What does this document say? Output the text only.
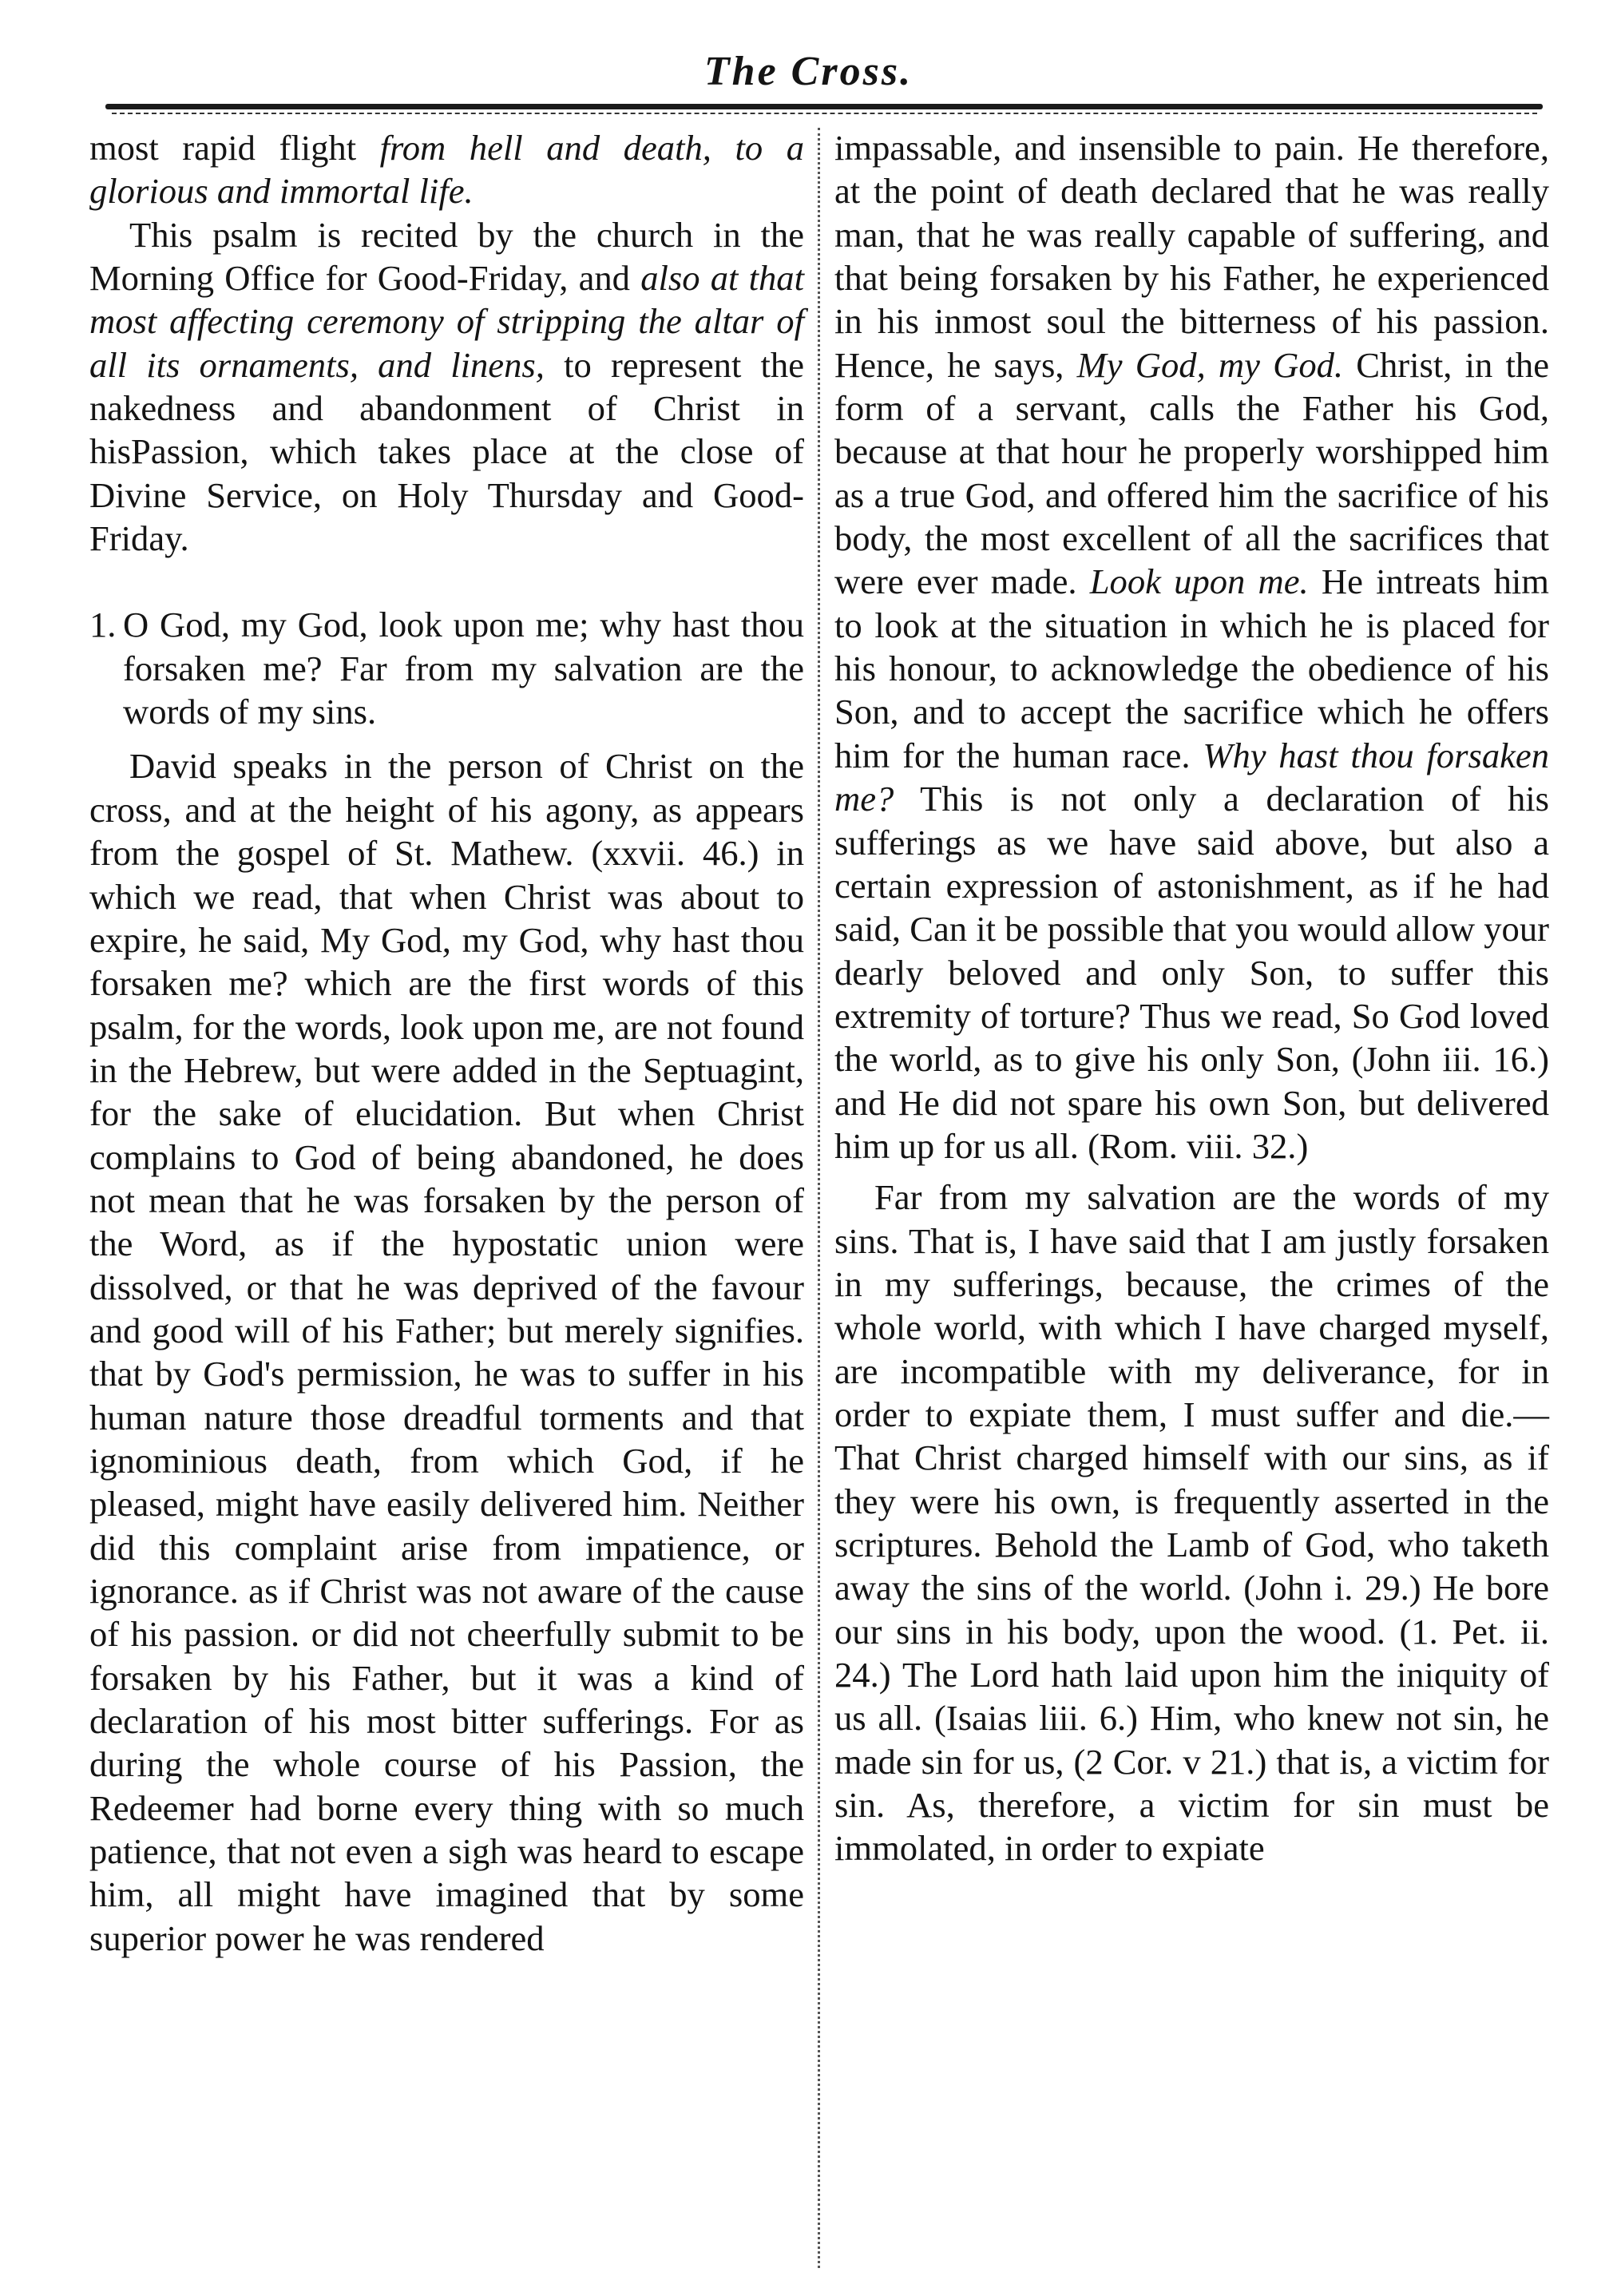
The Cross.

most rapid flight from hell and death, to a glorious and immortal life.

This psalm is recited by the church in the Morning Office for Good-Friday, and also at that most affecting ceremony of stripping the altar of all its ornaments, and linens, to represent the nakedness and abandonment of Christ in hisPassion, which takes place at the close of Divine Service, on Holy Thursday and Good-Friday.

1. O God, my God, look upon me; why hast thou forsaken me? Far from my salvation are the words of my sins.

David speaks in the person of Christ on the cross, and at the height of his agony, as appears from the gospel of St. Mathew. (xxvii. 46.) in which we read, that when Christ was about to expire, he said, My God, my God, why hast thou forsaken me? which are the first words of this psalm, for the words, look upon me, are not found in the Hebrew, but were added in the Septuagint, for the sake of elucidation. But when Christ complains to God of being abandoned, he does not mean that he was forsaken by the person of the Word, as if the hypostatic union were dissolved, or that he was deprived of the favour and good will of his Father; but merely signifies. that by God's permission, he was to suffer in his human nature those dreadful torments and that ignominious death, from which God, if he pleased, might have easily delivered him. Neither did this complaint arise from impatience, or ignorance. as if Christ was not aware of the cause of his passion. or did not cheerfully submit to be forsaken by his Father, but it was a kind of declaration of his most bitter sufferings. For as during the whole course of his Passion, the Redeemer had borne every thing with so much patience, that not even a sigh was heard to escape him, all might have imagined that by some superior power he was rendered

impassable, and insensible to pain. He therefore, at the point of death declared that he was really man, that he was really capable of suffering, and that being forsaken by his Father, he experienced in his inmost soul the bitterness of his passion. Hence, he says, My God, my God. Christ, in the form of a servant, calls the Father his God, because at that hour he properly worshipped him as a true God, and offered him the sacrifice of his body, the most excellent of all the sacrifices that were ever made. Look upon me. He intreats him to look at the situation in which he is placed for his honour, to acknowledge the obedience of his Son, and to accept the sacrifice which he offers him for the human race. Why hast thou forsaken me? This is not only a declaration of his sufferings as we have said above, but also a certain expression of astonishment, as if he had said, Can it be possible that you would allow your dearly beloved and only Son, to suffer this extremity of torture? Thus we read, So God loved the world, as to give his only Son, (John iii. 16.) and He did not spare his own Son, but delivered him up for us all. (Rom. viii. 32.)

Far from my salvation are the words of my sins. That is, I have said that I am justly forsaken in my sufferings, because, the crimes of the whole world, with which I have charged myself, are incompatible with my deliverance, for in order to expiate them, I must suffer and die.—That Christ charged himself with our sins, as if they were his own, is frequently asserted in the scriptures. Behold the Lamb of God, who taketh away the sins of the world. (John i. 29.) He bore our sins in his body, upon the wood. (1. Pet. ii. 24.) The Lord hath laid upon him the iniquity of us all. (Isaias liii. 6.) Him, who knew not sin, he made sin for us, (2 Cor. v 21.) that is, a victim for sin. As, therefore, a victim for sin must be immolated, in order to expiate
